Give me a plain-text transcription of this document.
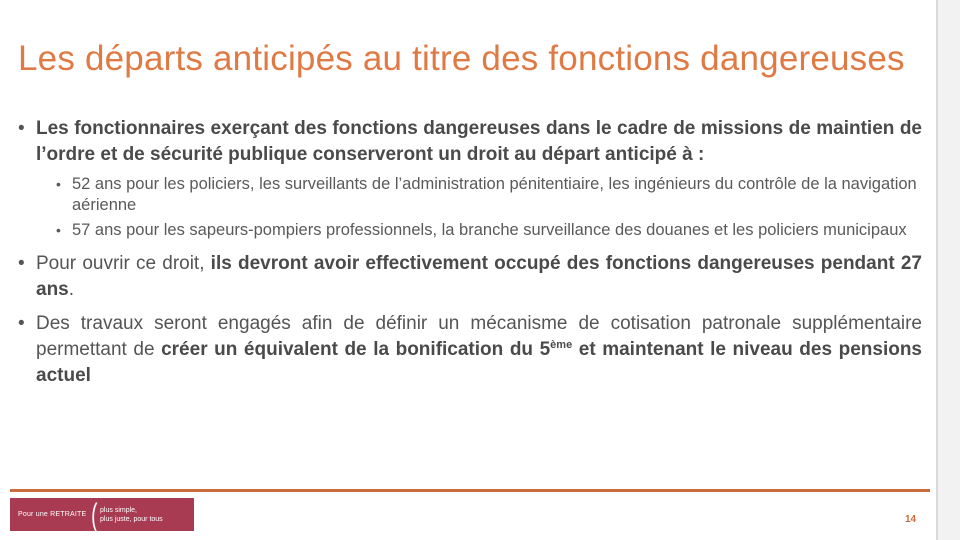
Les départs anticipés au titre des fonctions dangereuses
• Les fonctionnaires exerçant des fonctions dangereuses dans le cadre de missions de maintien de l’ordre et de sécurité publique conserveront un droit au départ anticipé à :
• 52 ans pour les policiers, les surveillants de l’administration pénitentiaire, les ingénieurs du contrôle de la navigation aérienne
• 57 ans pour les sapeurs-pompiers professionnels, la branche surveillance des douanes et les policiers municipaux
• Pour ouvrir ce droit, ils devront avoir effectivement occupé des fonctions dangereuses pendant 27 ans.
• Des travaux seront engagés afin de définir un mécanisme de cotisation patronale supplémentaire permettant de créer un équivalent de la bonification du 5ème et maintenant le niveau des pensions actuel
Pour une RETRAITE ( plus simple,
plus juste, pour tous	14
